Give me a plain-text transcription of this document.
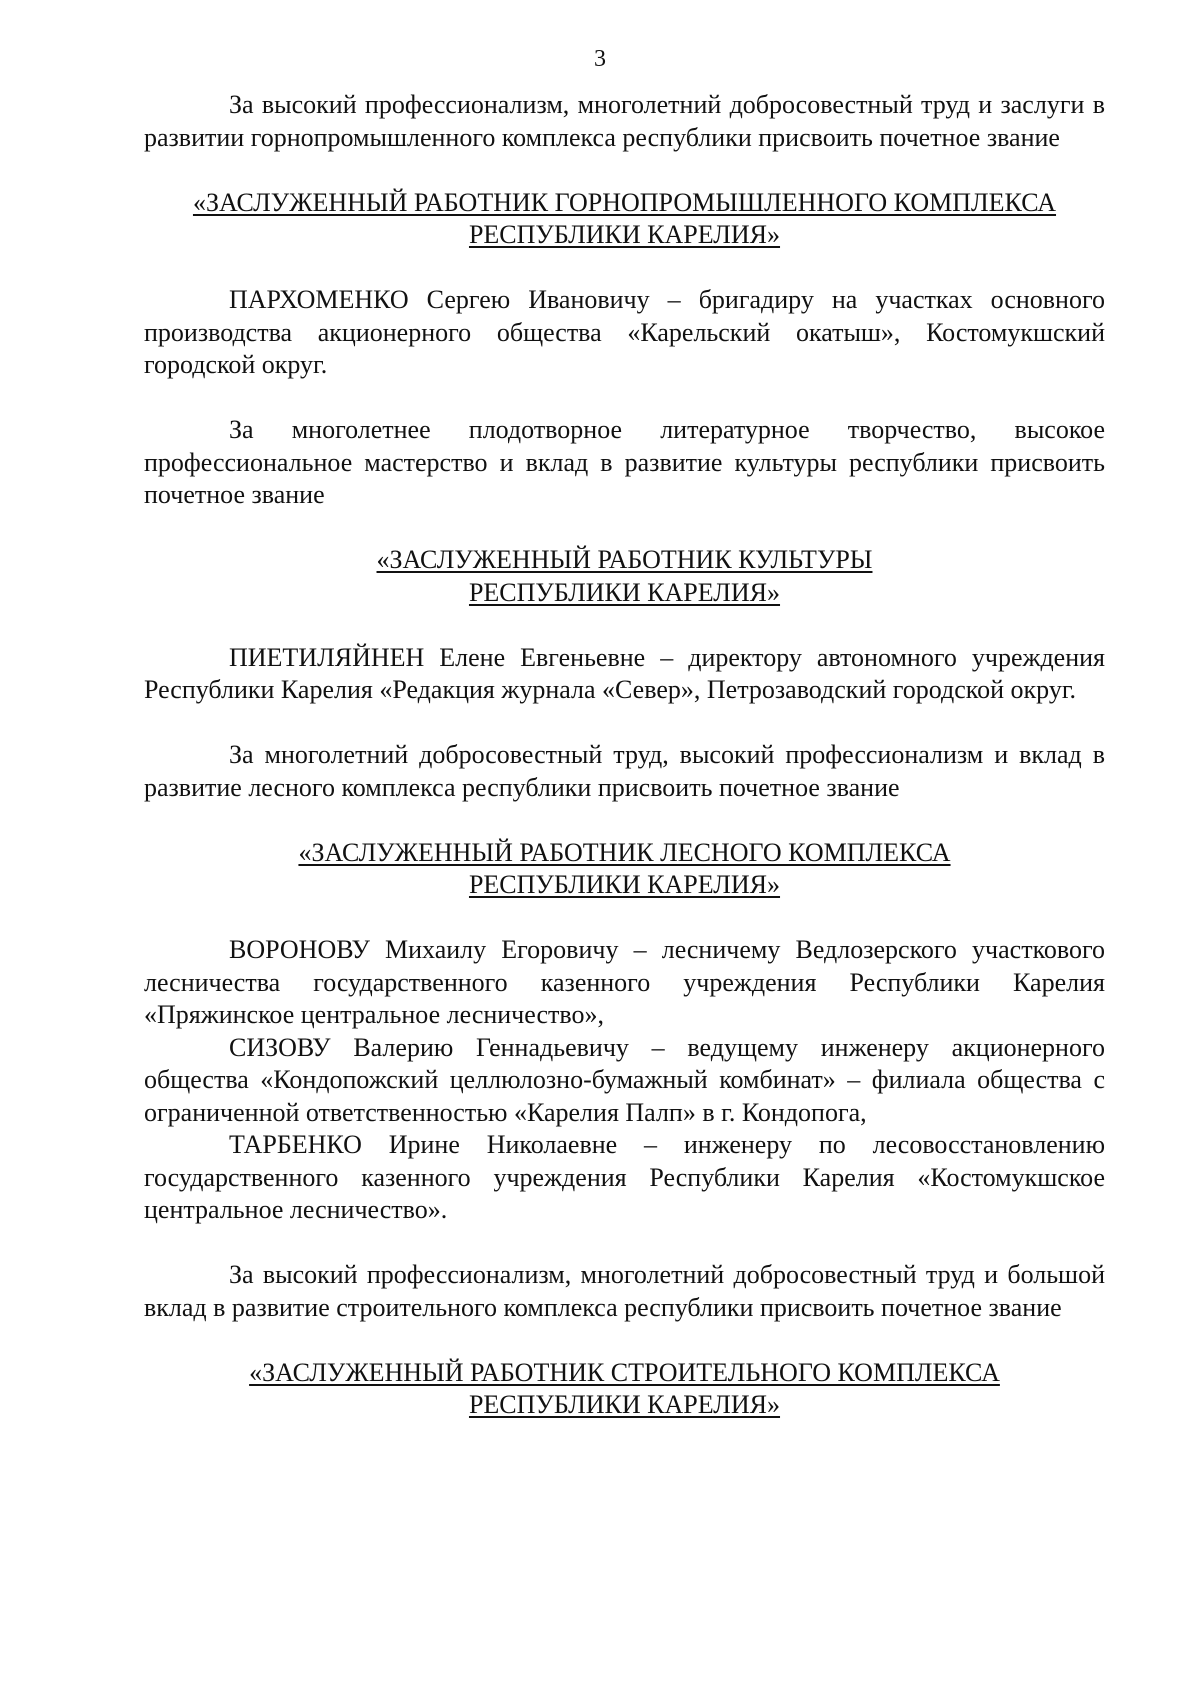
3

За высокий профессионализм, многолетний добросовестный труд и заслуги в развитии горнопромышленного комплекса республики присвоить почетное звание

«ЗАСЛУЖЕННЫЙ РАБОТНИК ГОРНОПРОМЫШЛЕННОГО КОМПЛЕКСА
РЕСПУБЛИКИ КАРЕЛИЯ»

ПАРХОМЕНКО Сергею Ивановичу – бригадиру на участках основного производства акционерного общества «Карельский окатыш», Костомукшский городской округ.

За многолетнее плодотворное литературное творчество, высокое профессиональное мастерство и вклад в развитие культуры республики присвоить почетное звание

«ЗАСЛУЖЕННЫЙ РАБОТНИК КУЛЬТУРЫ
РЕСПУБЛИКИ КАРЕЛИЯ»

ПИЕТИЛЯЙНЕН Елене Евгеньевне – директору автономного учреждения Республики Карелия «Редакция журнала «Север», Петрозаводский городской округ.

За многолетний добросовестный труд, высокий профессионализм и вклад в развитие лесного комплекса республики присвоить почетное звание

«ЗАСЛУЖЕННЫЙ РАБОТНИК ЛЕСНОГО КОМПЛЕКСА
РЕСПУБЛИКИ КАРЕЛИЯ»

ВОРОНОВУ Михаилу Егоровичу – лесничему Ведлозерского участкового лесничества государственного казенного учреждения Республики Карелия «Пряжинское центральное лесничество»,

СИЗОВУ Валерию Геннадьевичу – ведущему инженеру акционерного общества «Кондопожский целлюлозно-бумажный комбинат» – филиала общества с ограниченной ответственностью «Карелия Палп» в г. Кондопога,

ТАРБЕНКО Ирине Николаевне – инженеру по лесовосстановлению государственного казенного учреждения Республики Карелия «Костомукшское центральное лесничество».

За высокий профессионализм, многолетний добросовестный труд и большой вклад в развитие строительного комплекса республики присвоить почетное звание

«ЗАСЛУЖЕННЫЙ РАБОТНИК СТРОИТЕЛЬНОГО КОМПЛЕКСА
РЕСПУБЛИКИ КАРЕЛИЯ»
